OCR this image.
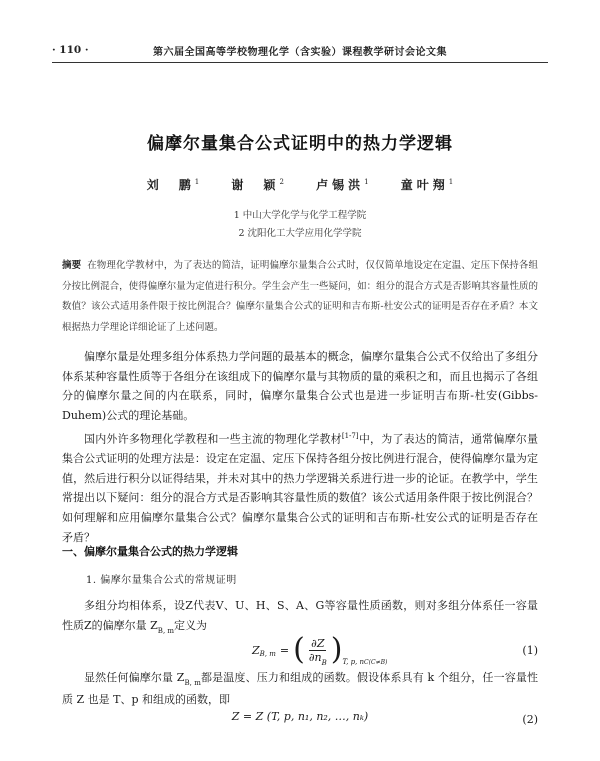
· 110 ·	第六届全国高等学校物理化学（含实验）课程教学研讨会论文集
偏摩尔量集合公式证明中的热力学逻辑
刘　鹏$^1$	谢　颖$^2$	卢锡洪$^1$	童叶翔$^1$
1 中山大学化学与化学工程学院
2 沈阳化工大学应用化学学院
摘要 在物理化学教材中，为了表达的简洁，证明偏摩尔量集合公式时，仅仅简单地设定在定温、定压下保持各组分按比例混合，使得偏摩尔量为定值进行积分。学生会产生一些疑问，如：组分的混合方式是否影响其容量性质的数值？该公式适用条件限于按比例混合？偏摩尔量集合公式的证明和吉布斯-杜安公式的证明是否存在矛盾？本文根据热力学理论详细论证了上述问题。

偏摩尔量是处理多组分体系热力学问题的最基本的概念，偏摩尔量集合公式不仅给出了多组分体系某种容量性质等于各组分在该组成下的偏摩尔量与其物质的量的乘积之和，而且也揭示了各组分的偏摩尔量之间的内在联系，同时，偏摩尔量集合公式也是进一步证明吉布斯-杜安(Gibbs-Duhem)公式的理论基础。

国内外许多物理化学教程和一些主流的物理化学教材[1-7]中，为了表达的简洁，通常偏摩尔量集合公式证明的处理方法是：设定在定温、定压下保持各组分按比例进行混合，使得偏摩尔量为定值，然后进行积分以证得结果，并未对其中的热力学逻辑关系进行进一步的论证。在教学中，学生常提出以下疑问：组分的混合方式是否影响其容量性质的数值？该公式适用条件限于按比例混合？如何理解和应用偏摩尔量集合公式？偏摩尔量集合公式的证明和吉布斯-杜安公式的证明是否存在矛盾？

一、偏摩尔量集合公式的热力学逻辑
1. 偏摩尔量集合公式的常规证明

多组分均相体系，设Z代表V、U、H、S、A、G等容量性质函数，则对多组分体系任一容量性质Z的偏摩尔量 $Z_{B, m}$定义为

Z B, m = ( $\frac{\partial Z}{\partial n_B}$ ) T, p, nC(C≠B)
(1)

显然任何偏摩尔量 $Z_{B, m}$都是温度、压力和组成的函数。假设体系具有 k 个组分，任一容量性质 Z 也是 T、p 和组成的函数，即

Z = Z (T, p, n₁, n₂, …, nₖ)	(2)
